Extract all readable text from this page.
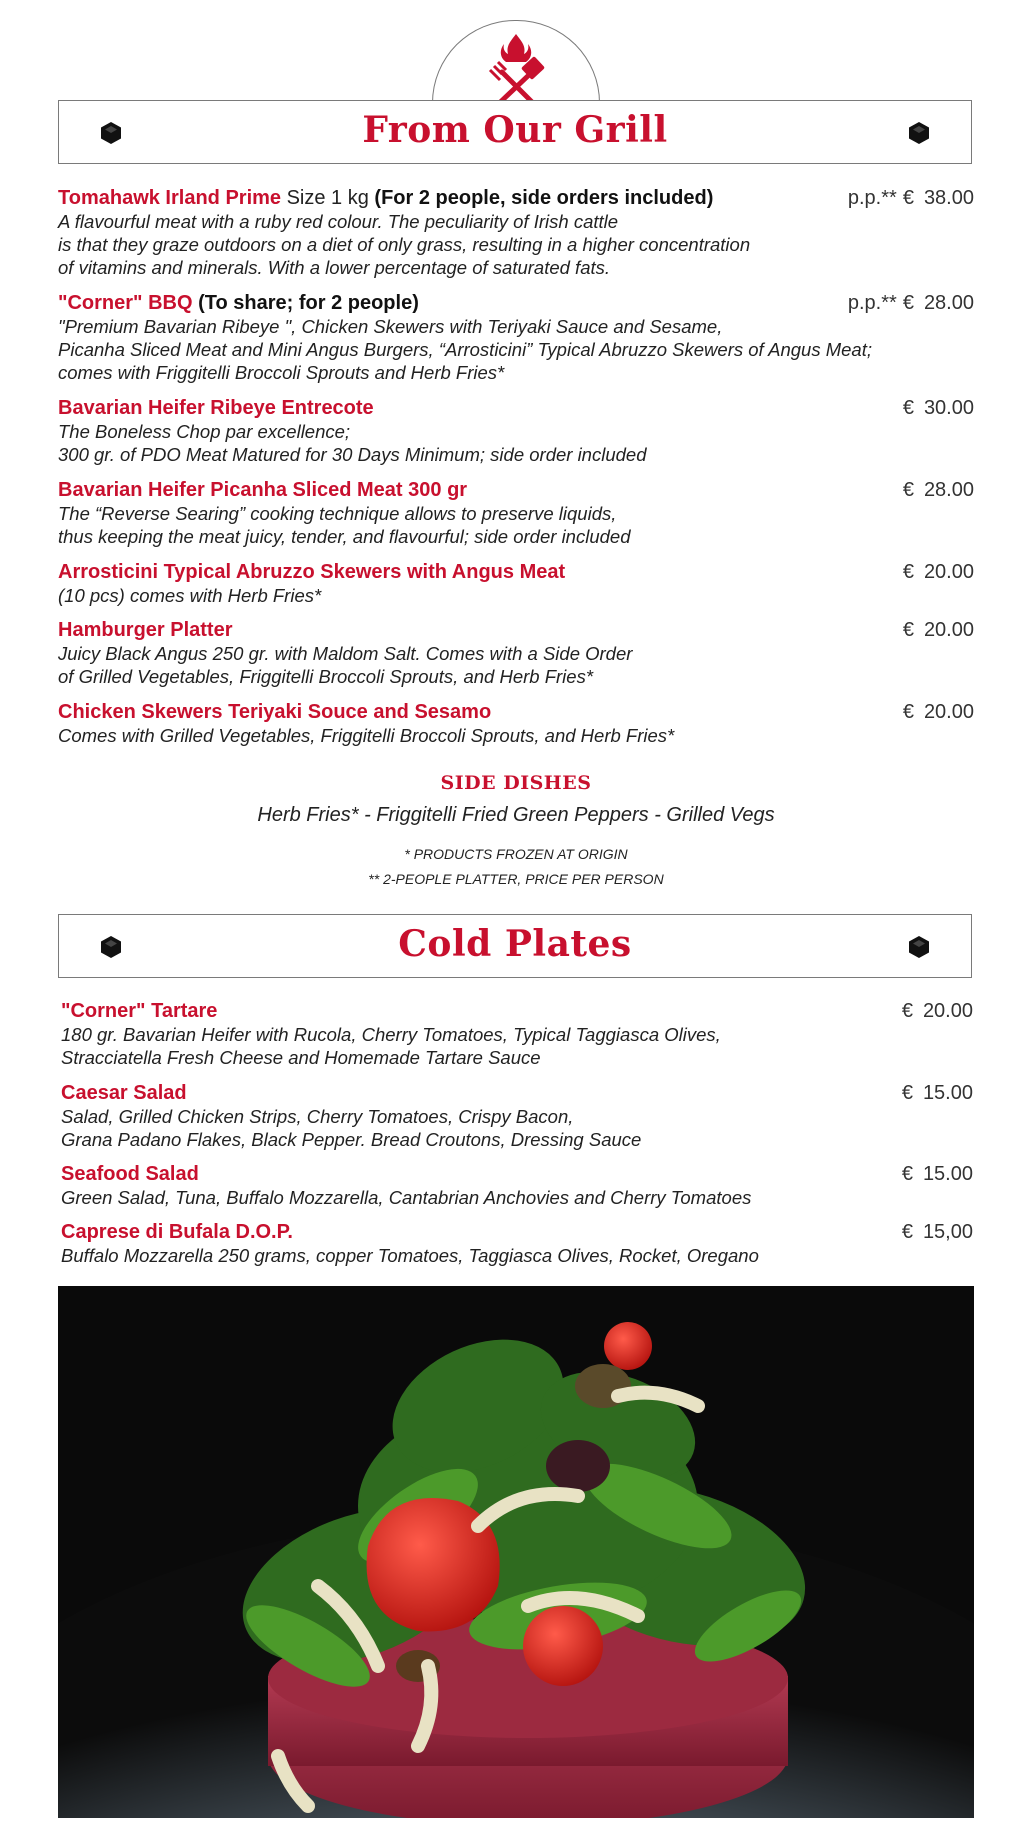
From Our Grill
Tomahawk Irland Prime Size 1 kg (For 2 people, side orders included)
A flavourful meat with a ruby red colour. The peculiarity of Irish cattle
is that they graze outdoors on a diet of only grass, resulting in a higher concentration
of vitamins and minerals. With a lower percentage of saturated fats.
p.p.** € 38.00
"Corner" BBQ (To share; for 2 people)
"Premium Bavarian Ribeye ", Chicken Skewers with Teriyaki Sauce and Sesame,
Picanha Sliced Meat and Mini Angus Burgers, “Arrosticini” Typical Abruzzo Skewers of Angus Meat;
comes with Friggitelli Broccoli Sprouts and Herb Fries*
p.p.** € 28.00
Bavarian Heifer Ribeye Entrecote
The Boneless Chop par excellence;
300 gr. of PDO Meat Matured for 30 Days Minimum; side order included
€ 30.00
Bavarian Heifer Picanha Sliced Meat 300 gr
The “Reverse Searing” cooking technique allows to preserve liquids,
thus keeping the meat juicy, tender, and flavourful; side order included
€ 28.00
Arrosticini Typical Abruzzo Skewers with Angus Meat
(10 pcs) comes with Herb Fries*
€ 20.00
Hamburger Platter
Juicy Black Angus 250 gr. with Maldom Salt. Comes with a Side Order
of Grilled Vegetables, Friggitelli Broccoli Sprouts, and Herb Fries*
€ 20.00
Chicken Skewers Teriyaki Souce and Sesamo
Comes with Grilled Vegetables, Friggitelli Broccoli Sprouts, and Herb Fries*
€ 20.00
SIDE DISHES
Herb Fries* - Friggitelli Fried Green Peppers - Grilled Vegs
* PRODUCTS FROZEN AT ORIGIN
** 2-PEOPLE PLATTER, PRICE PER PERSON
Cold Plates
"Corner" Tartare
180 gr. Bavarian Heifer with Rucola, Cherry Tomatoes, Typical Taggiasca Olives,
Stracciatella Fresh Cheese and Homemade Tartare Sauce
€ 20.00
Caesar Salad
Salad, Grilled Chicken Strips, Cherry Tomatoes, Crispy Bacon,
Grana Padano Flakes, Black Pepper. Bread Croutons, Dressing Sauce
€ 15.00
Seafood Salad
Green Salad, Tuna, Buffalo Mozzarella, Cantabrian Anchovies and Cherry Tomatoes
€ 15.00
Caprese di Bufala D.O.P.
Buffalo Mozzarella 250 grams, copper Tomatoes, Taggiasca Olives, Rocket, Oregano
€ 15,00
